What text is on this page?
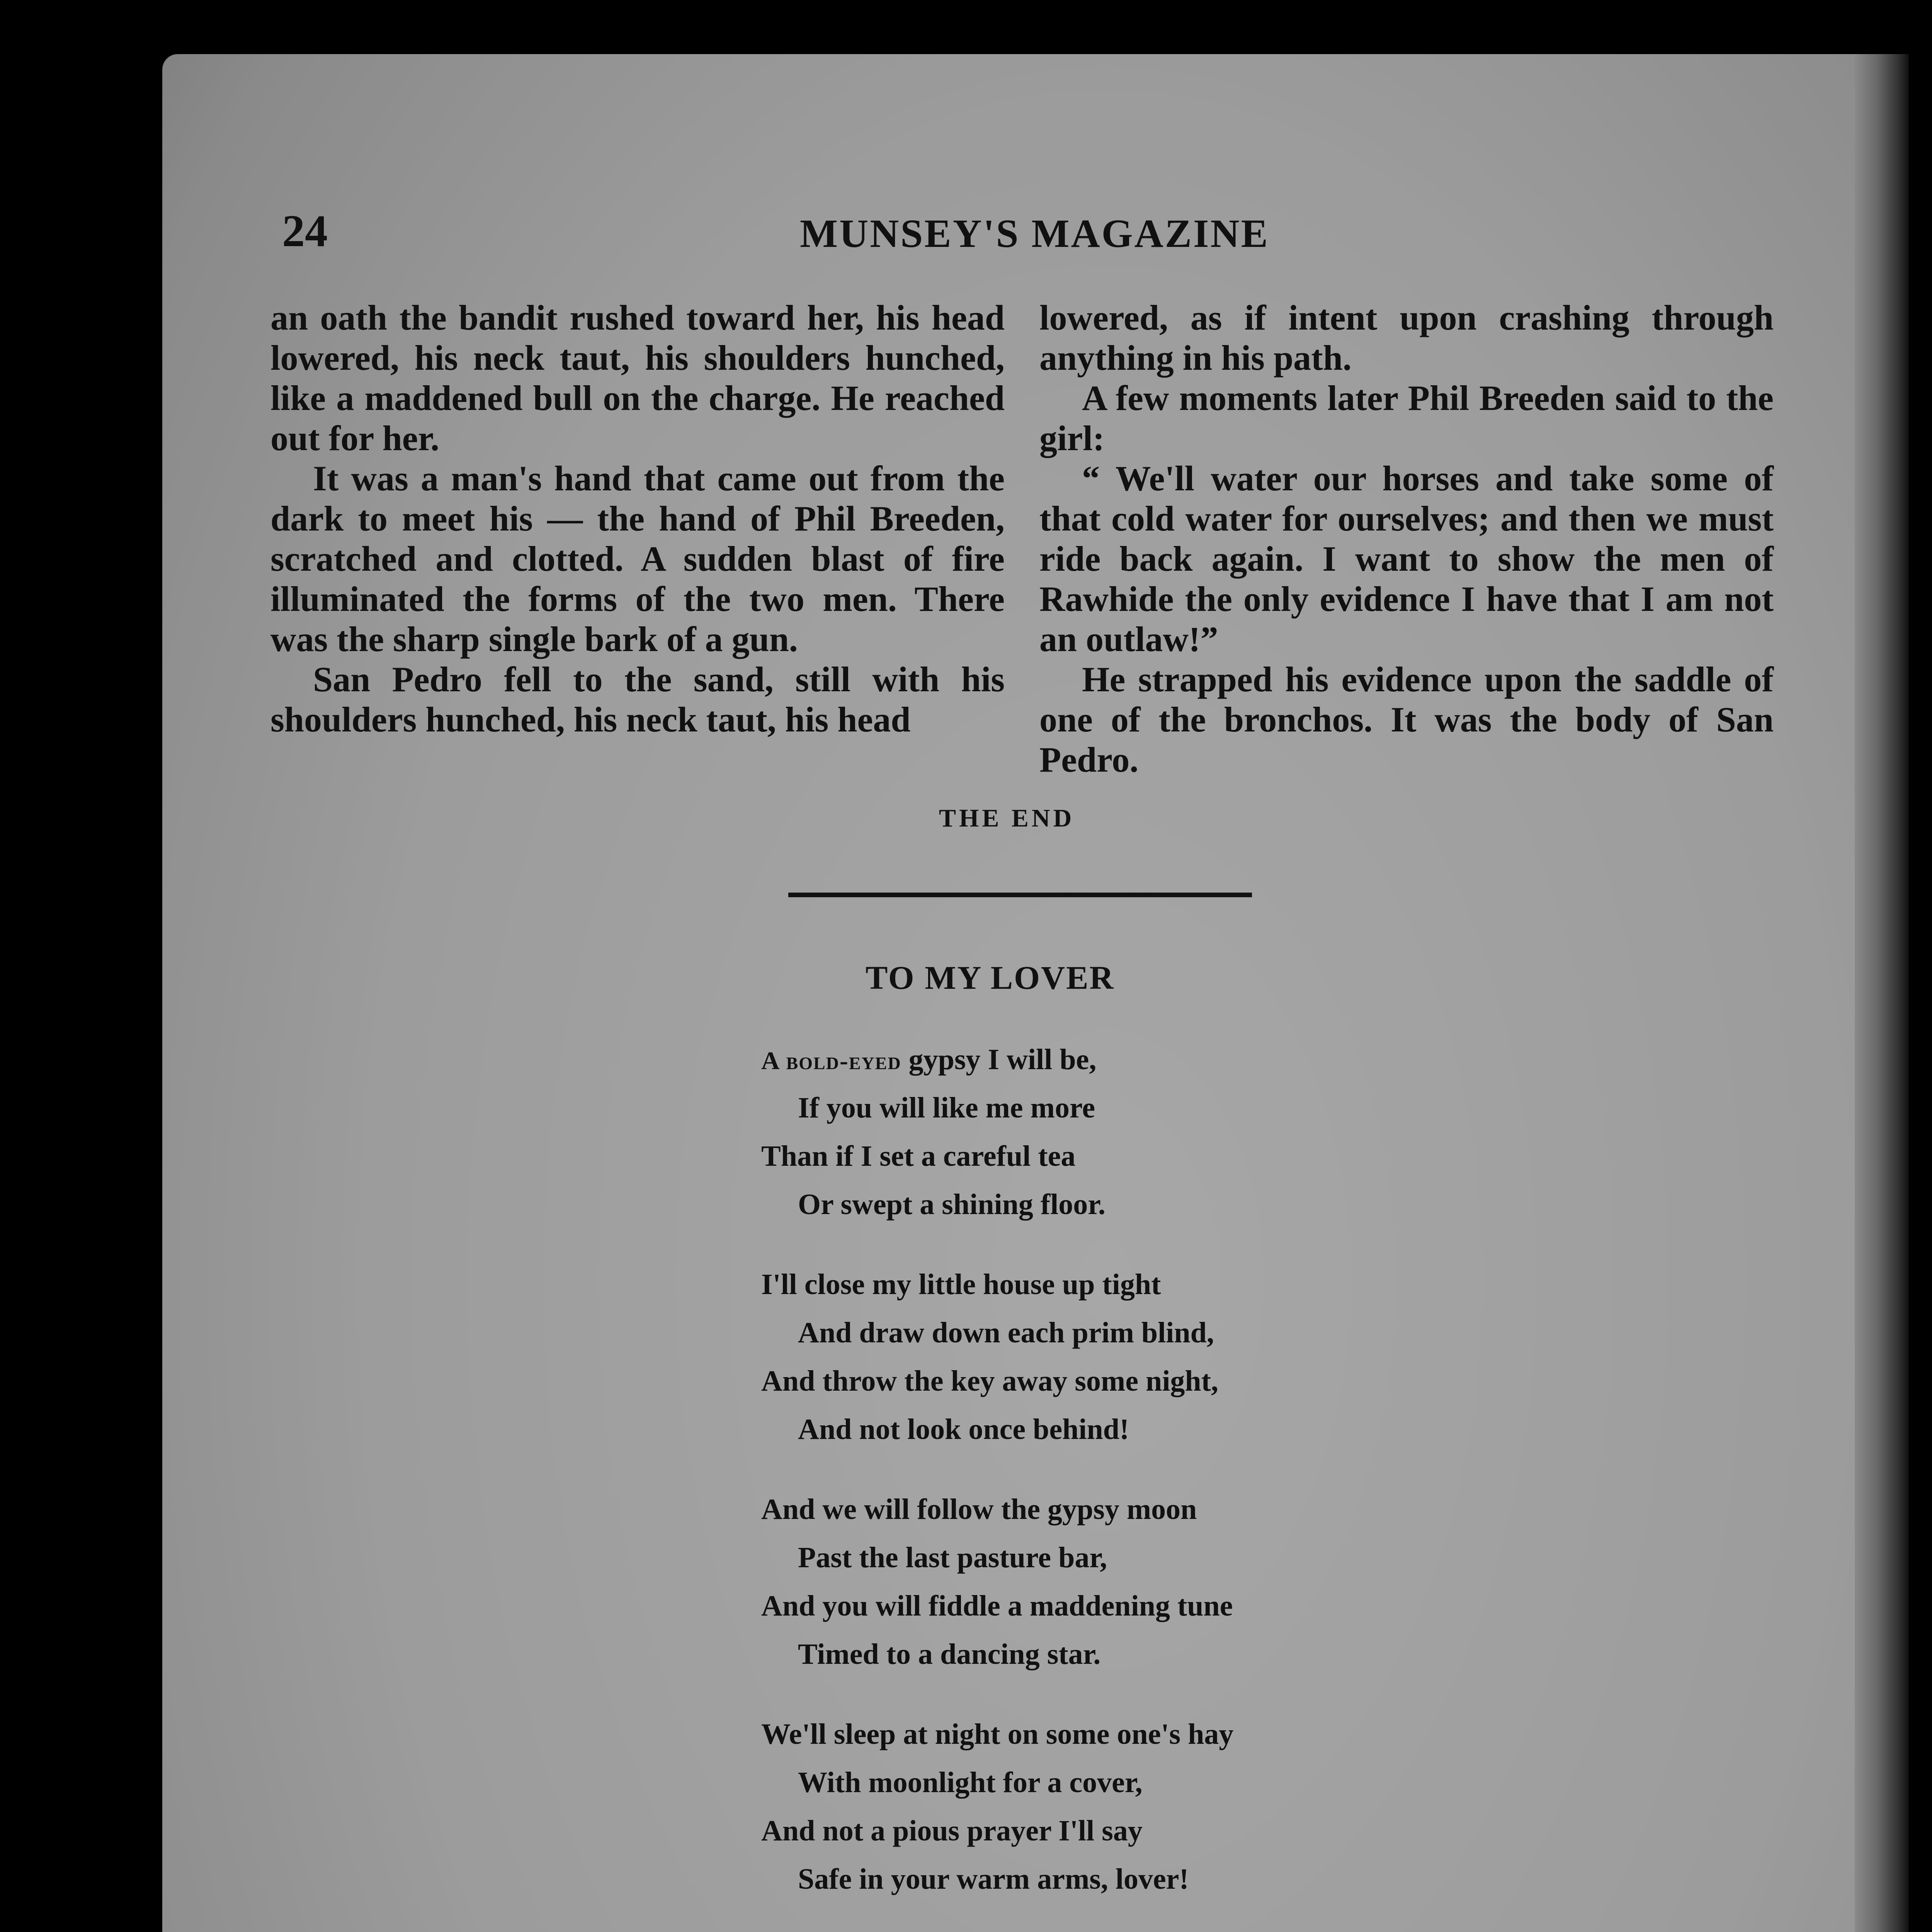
24	MUNSEY'S MAGAZINE

an oath the bandit rushed toward her, his head lowered, his neck taut, his shoulders hunched, like a maddened bull on the charge. He reached out for her.

It was a man's hand that came out from the dark to meet his — the hand of Phil Breeden, scratched and clotted. A sudden blast of fire illuminated the forms of the two men. There was the sharp single bark of a gun.

San Pedro fell to the sand, still with his shoulders hunched, his neck taut, his head

lowered, as if intent upon crashing through anything in his path.

A few moments later Phil Breeden said to the girl:

“ We'll water our horses and take some of that cold water for ourselves; and then we must ride back again. I want to show the men of Rawhide the only evidence I have that I am not an outlaw!”

He strapped his evidence upon the saddle of one of the bronchos. It was the body of San Pedro.

THE END
TO MY LOVER
A bold-eyed gypsy I will be,
If you will like me more
Than if I set a careful tea
Or swept a shining floor.
I'll close my little house up tight
And draw down each prim blind,
And throw the key away some night,
And not look once behind!
And we will follow the gypsy moon
Past the last pasture bar,
And you will fiddle a maddening tune
Timed to a dancing star.
We'll sleep at night on some one's hay
With moonlight for a cover,
And not a pious prayer I'll say
Safe in your warm arms, lover!
